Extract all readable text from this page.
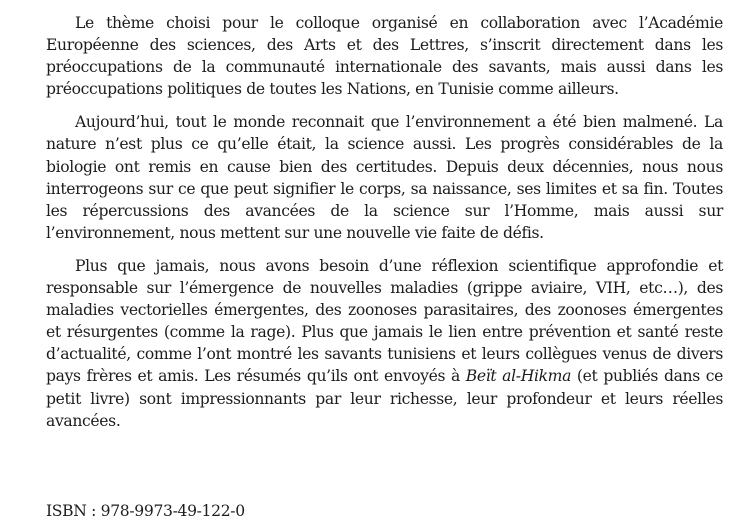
Le thème choisi pour le colloque organisé en collaboration avec l’Académie Européenne des sciences, des Arts et des Lettres, s’inscrit directement dans les préoccupations de la communauté internationale des savants, mais aussi dans les préoccupations politiques de toutes les Nations, en Tunisie comme ailleurs.

Aujourd’hui, tout le monde reconnait que l’environnement a été bien malmené. La nature n’est plus ce qu’elle était, la science aussi. Les progrès considérables de la biologie ont remis en cause bien des certitudes. Depuis deux décennies, nous nous interrogeons sur ce que peut signifier le corps, sa naissance, ses limites et sa fin. Toutes les répercussions des avancées de la science sur l’Homme, mais aussi sur l’environnement, nous mettent sur une nouvelle vie faite de défis.

Plus que jamais, nous avons besoin d’une réflexion scientifique approfondie et responsable sur l’émergence de nouvelles maladies (grippe aviaire, VIH, etc…), des maladies vectorielles émergentes, des zoonoses parasitaires, des zoonoses émergentes et résurgentes (comme la rage). Plus que jamais le lien entre prévention et santé reste d’actualité, comme l’ont montré les savants tunisiens et leurs collègues venus de divers pays frères et amis. Les résumés qu’ils ont envoyés à Beït al-Hikma (et publiés dans ce petit livre) sont impressionnants par leur richesse, leur profondeur et leurs réelles avancées.

ISBN : 978-9973-49-122-0
